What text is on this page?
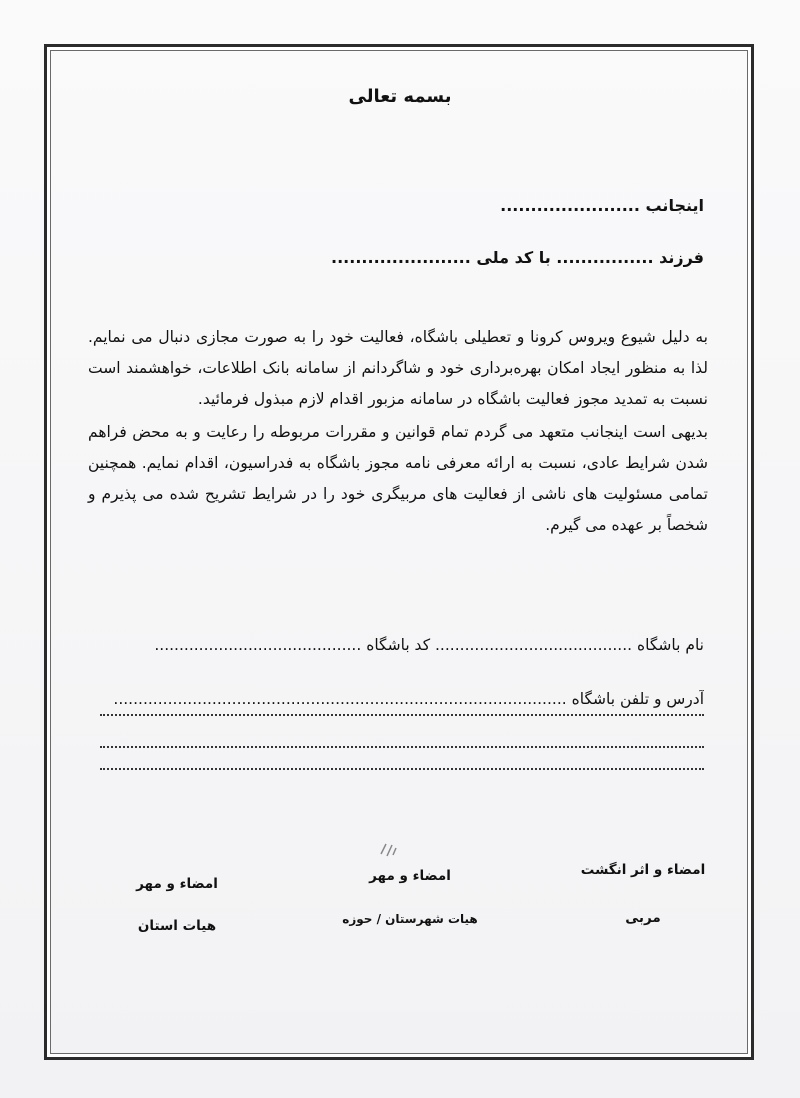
بسمه تعالی
اینجانب .......................
فرزند ................ با کد ملی .......................

به دلیل شیوع ویروس کرونا و تعطیلی باشگاه، فعالیت خود را به صورت مجازی دنبال می نمایم. لذا به منظور ایجاد امکان بهره‌برداری خود و شاگردانم از سامانه بانک اطلاعات، خواهشمند است نسبت به تمدید مجوز فعالیت باشگاه در سامانه مزبور اقدام لازم مبذول فرمائید.

بدیهی است اینجانب متعهد می گردم تمام قوانین و مقررات مربوطه را رعایت و به محض فراهم شدن شرایط عادی، نسبت به ارائه معرفی نامه مجوز باشگاه به فدراسیون، اقدام نمایم. همچنین تمامی مسئولیت های ناشی از فعالیت های مربیگری خود را در شرایط تشریح شده می پذیرم و شخصاً بر عهده می گیرم.

نام باشگاه ........................................ کد باشگاه ..........................................
آدرس و تلفن باشگاه ............................................................................................
امضاء و اثر انگشت
مربی
امضاء و مهر
هیات شهرستان / حوزه
امضاء و مهر
هیات استان
